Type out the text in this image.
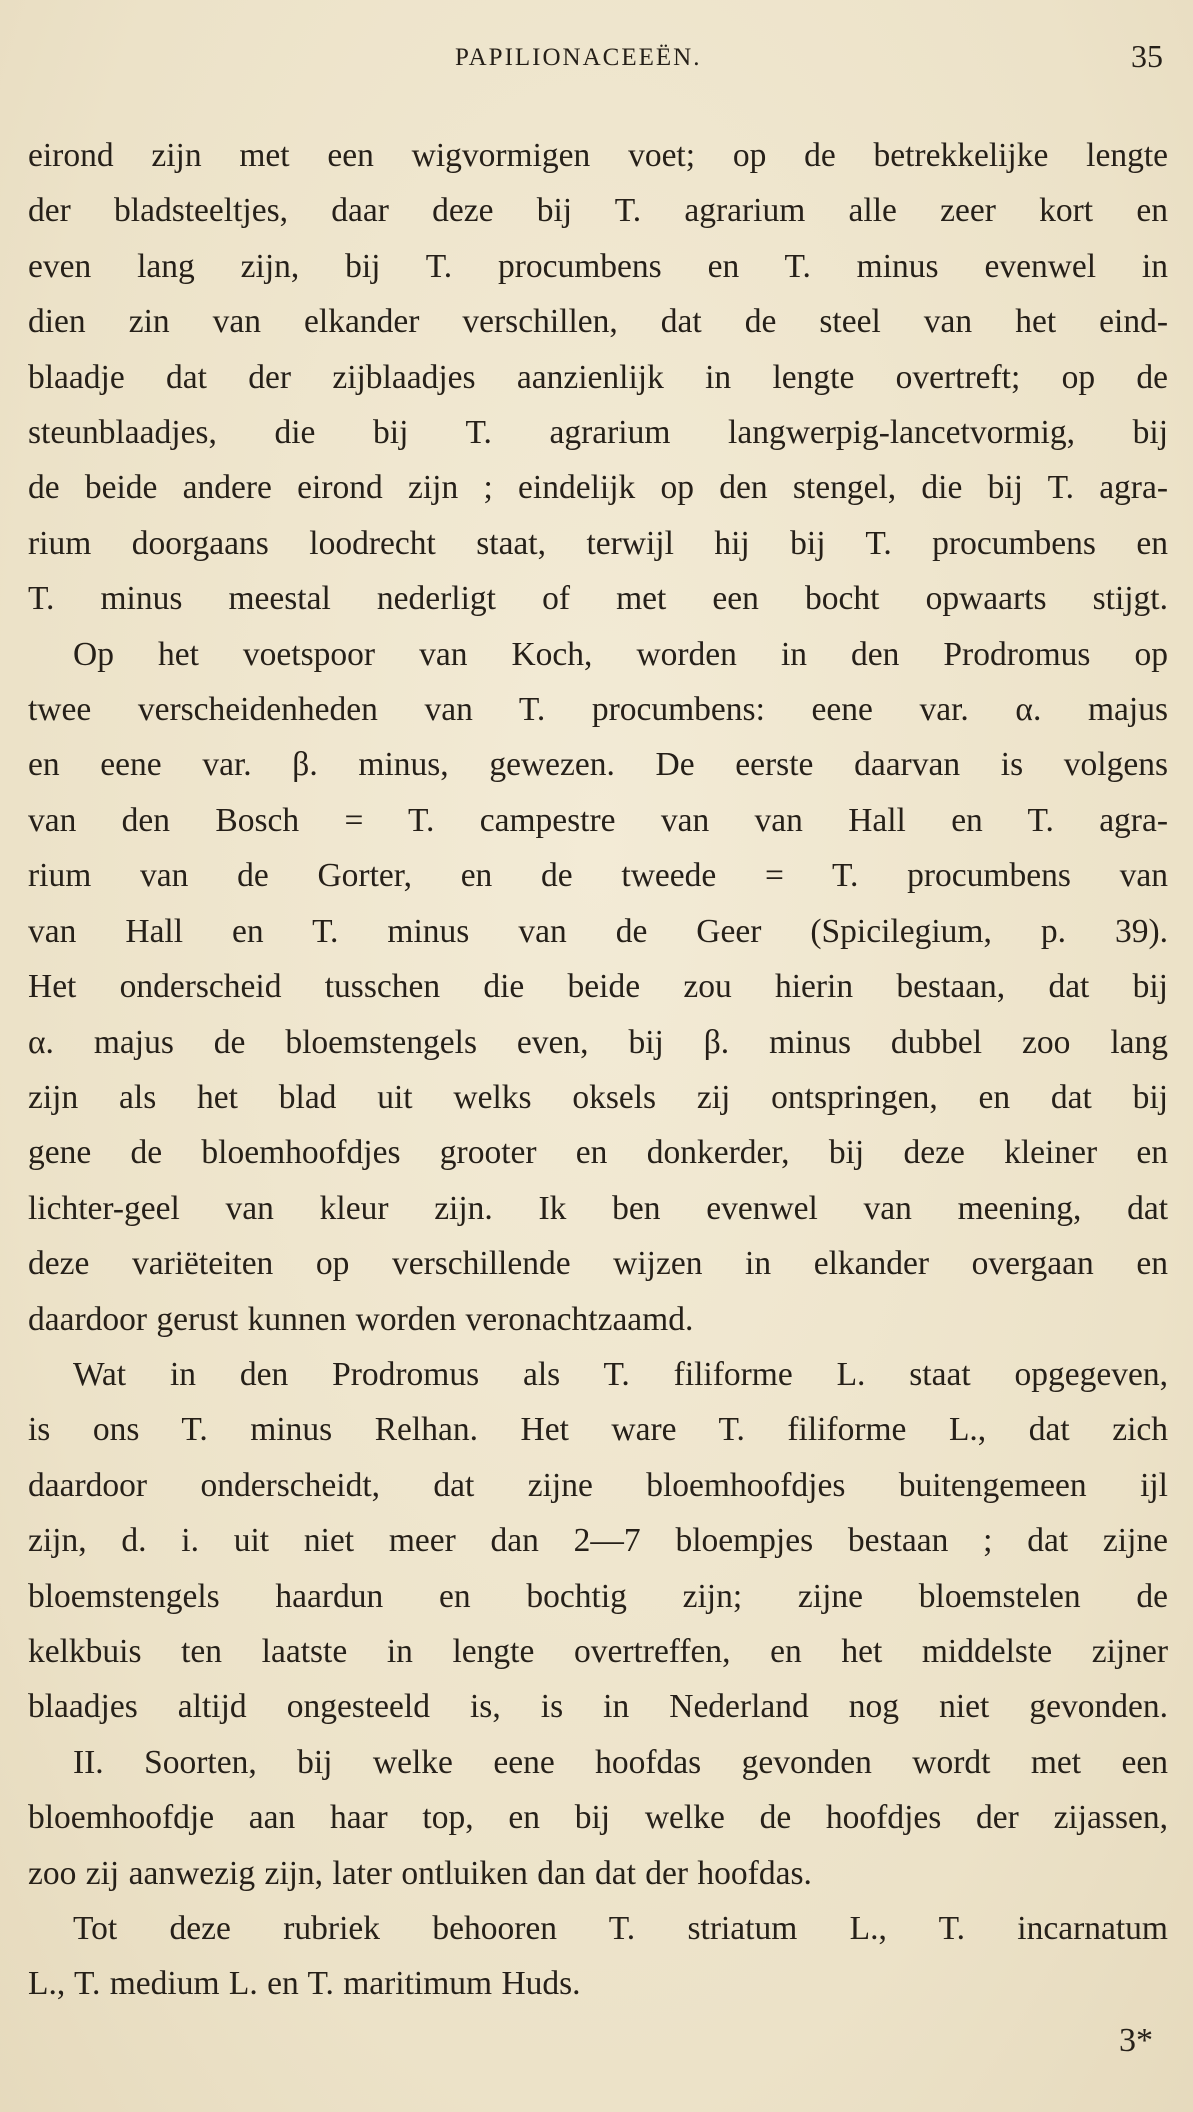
PAPILIONACEEËN.	35

eirond zijn met een wigvormigen voet; op de betrekkelijke lengte
der bladsteeltjes, daar deze bij T. agrarium alle zeer kort en
even lang zijn, bij T. procumbens en T. minus evenwel in
dien zin van elkander verschillen, dat de steel van het eind-
blaadje dat der zijblaadjes aanzienlijk in lengte overtreft; op de
steunblaadjes, die bij T. agrarium langwerpig-lancetvormig, bij
de beide andere eirond zijn ; eindelijk op den stengel, die bij T. agra-
rium doorgaans loodrecht staat, terwijl hij bij T. procumbens en
T. minus meestal nederligt of met een bocht opwaarts stijgt.

Op het voetspoor van Koch, worden in den Prodromus op
twee verscheidenheden van T. procumbens: eene var. α. majus
en eene var. β. minus, gewezen. De eerste daarvan is volgens
van den Bosch = T. campestre van van Hall en T. agra-
rium van de Gorter, en de tweede = T. procumbens van
van Hall en T. minus van de Geer (Spicilegium, p. 39).
Het onderscheid tusschen die beide zou hierin bestaan, dat bij
α. majus de bloemstengels even, bij β. minus dubbel zoo lang
zijn als het blad uit welks oksels zij ontspringen, en dat bij
gene de bloemhoofdjes grooter en donkerder, bij deze kleiner en
lichter-geel van kleur zijn. Ik ben evenwel van meening, dat
deze variëteiten op verschillende wijzen in elkander overgaan en
daardoor gerust kunnen worden veronachtzaamd.

Wat in den Prodromus als T. filiforme L. staat opgegeven,
is ons T. minus Relhan. Het ware T. filiforme L., dat zich
daardoor onderscheidt, dat zijne bloemhoofdjes buitengemeen ijl
zijn, d. i. uit niet meer dan 2—7 bloempjes bestaan ; dat zijne
bloemstengels haardun en bochtig zijn; zijne bloemstelen de
kelkbuis ten laatste in lengte overtreffen, en het middelste zijner
blaadjes altijd ongesteeld is, is in Nederland nog niet gevonden.

II. Soorten, bij welke eene hoofdas gevonden wordt met een
bloemhoofdje aan haar top, en bij welke de hoofdjes der zijassen,
zoo zij aanwezig zijn, later ontluiken dan dat der hoofdas.

Tot deze rubriek behooren T. striatum L., T. incarnatum
L., T. medium L. en T. maritimum Huds.

3*
